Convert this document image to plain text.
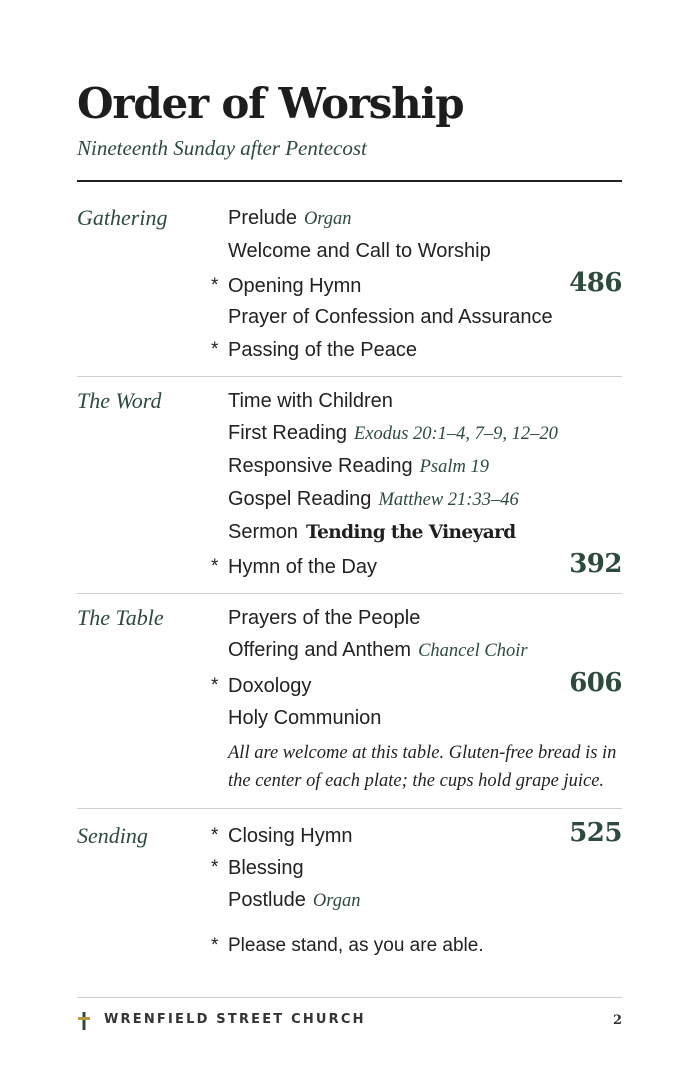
Order of Worship
Nineteenth Sunday after Pentecost
Gathering	Prelude Organ
Welcome and Call to Worship
* Opening Hymn	486
Prayer of Confession and Assurance
* Passing of the Peace
The Word	Time with Children
First Reading Exodus 20:1–4, 7–9, 12–20
Responsive Reading Psalm 19
Gospel Reading Matthew 21:33–46
Sermon Tending the Vineyard
* Hymn of the Day	392
The Table	Prayers of the People
Offering and Anthem Chancel Choir
* Doxology	606
Holy Communion
All are welcome at this table. Gluten-free bread is in the center of each plate; the cups hold grape juice.
Sending	* Closing Hymn	525
* Blessing
Postlude Organ
* Please stand, as you are able.
WRENFIELD STREET CHURCH	2
